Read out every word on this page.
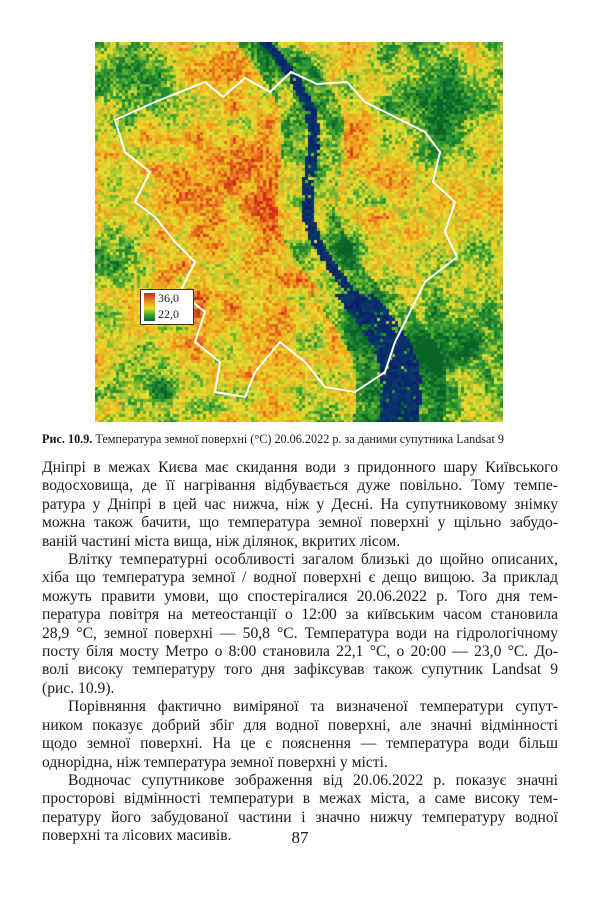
36,0
22,0
Рис. 10.9. Температура земної поверхні (°C) 20.06.2022 р. за даними супутника Landsat 9
Дніпрі в межах Києва має скидання води з придонного шару Київського
водосховища, де її нагрівання відбувається дуже повільно. Тому темпе-
ратура у Дніпрі в цей час нижча, ніж у Десні. На супутниковому знімку
можна також бачити, що температура земної поверхні у щільно забудо-
ваній частині міста вища, ніж ділянок, вкритих лісом.
Влітку температурні особливості загалом близькі до щойно описаних,
хіба що температура земної / водної поверхні є дещо вищою. За приклад
можуть правити умови, що спостерігалися 20.06.2022 р. Того дня тем-
пература повітря на метеостанції о 12:00 за київським часом становила
28,9 °C, земної поверхні — 50,8 °C. Температура води на гідрологічному
посту біля мосту Метро о 8:00 становила 22,1 °C, о 20:00 — 23,0 °C. До-
волі високу температуру того дня зафіксував також супутник Landsat 9
(рис. 10.9).
Порівняння фактично виміряної та визначеної температури супут-
ником показує добрий збіг для водної поверхні, але значні відмінності
щодо земної поверхні. На це є пояснення — температура води більш
однорідна, ніж температура земної поверхні у місті.
Водночас супутникове зображення від 20.06.2022 р. показує значні
просторові відмінності температури в межах міста, а саме високу тем-
пературу його забудованої частини і значно нижчу температуру водної
поверхні та лісових масивів.	87
